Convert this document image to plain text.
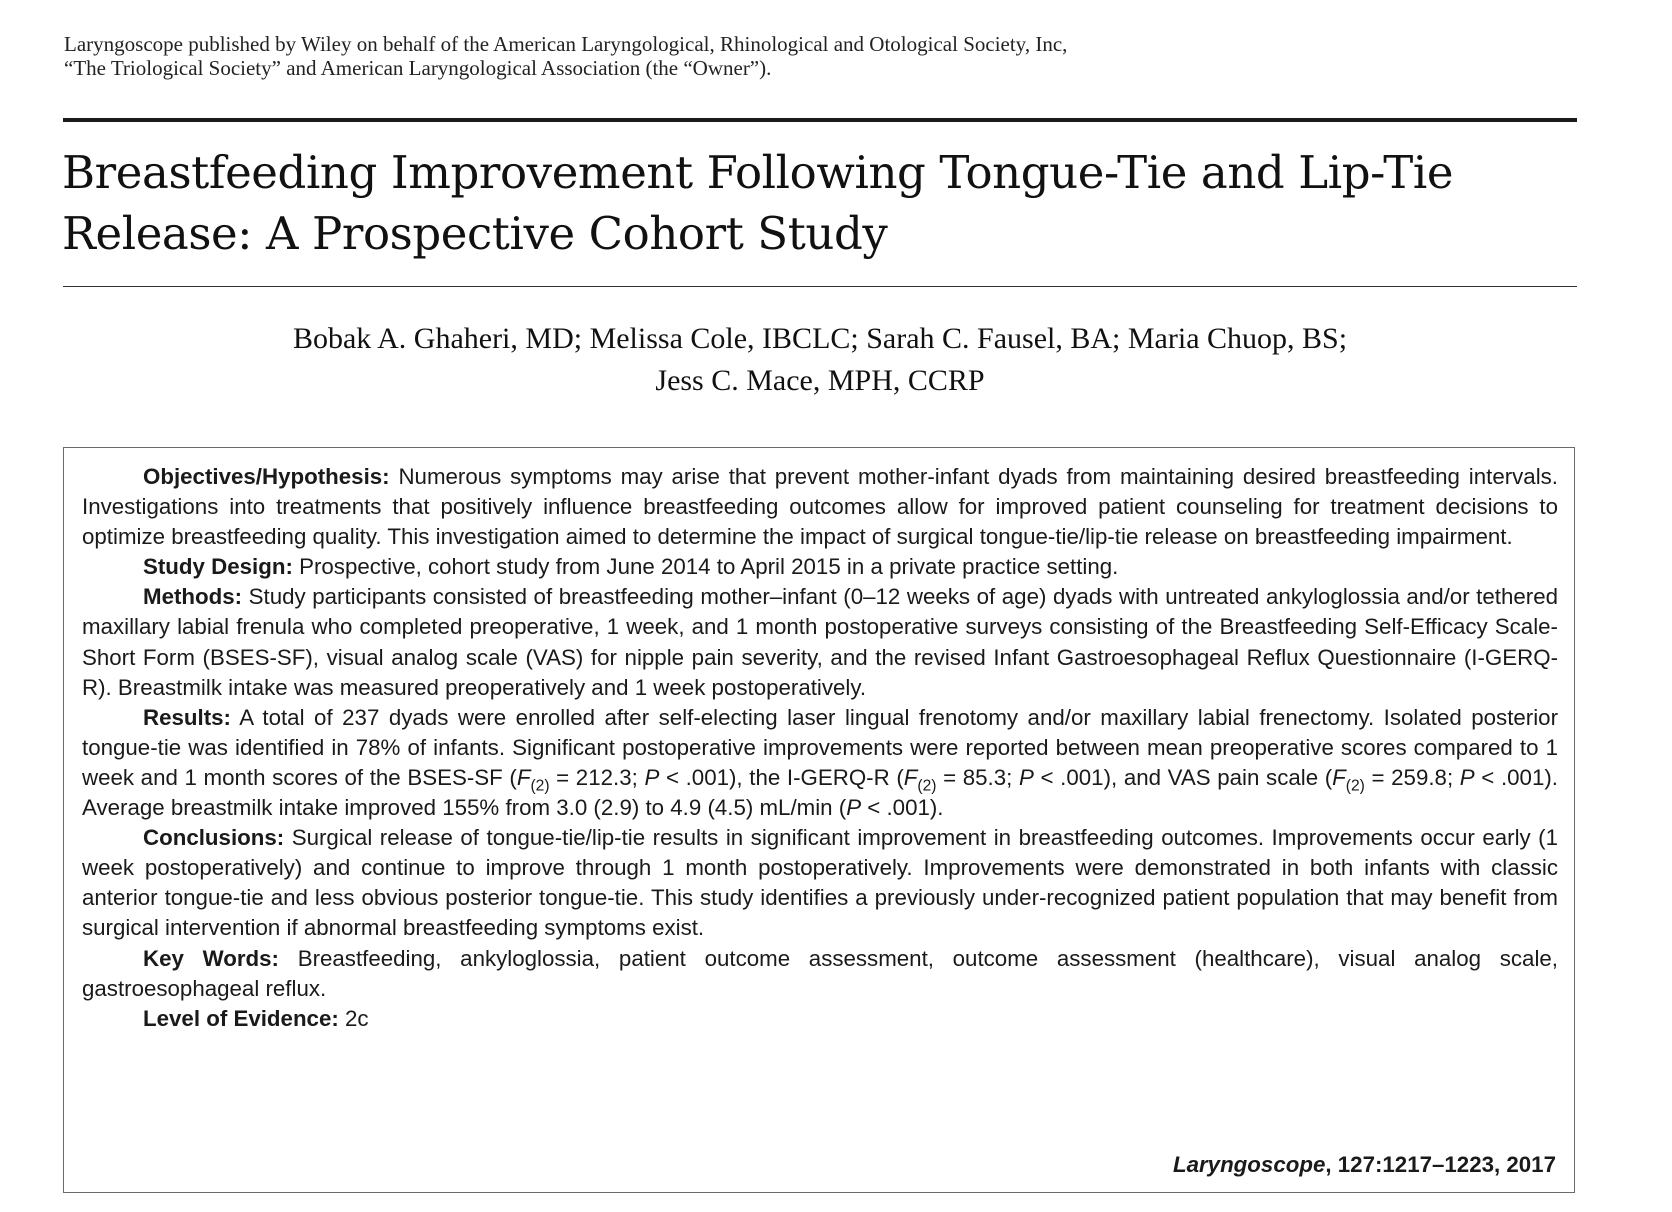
Laryngoscope published by Wiley on behalf of the American Laryngological, Rhinological and Otological Society, Inc,
“The Triological Society” and American Laryngological Association (the “Owner”).
Breastfeeding Improvement Following Tongue-Tie and Lip-Tie
Release: A Prospective Cohort Study
Bobak A. Ghaheri, MD; Melissa Cole, IBCLC; Sarah C. Fausel, BA; Maria Chuop, BS;
Jess C. Mace, MPH, CCRP

Objectives/Hypothesis: Numerous symptoms may arise that prevent mother-infant dyads from maintaining desired breastfeeding intervals. Investigations into treatments that positively influence breastfeeding outcomes allow for improved patient counseling for treatment decisions to optimize breastfeeding quality. This investigation aimed to determine the impact of surgical tongue-tie/lip-tie release on breastfeeding impairment.

Study Design: Prospective, cohort study from June 2014 to April 2015 in a private practice setting.

Methods: Study participants consisted of breastfeeding mother–infant (0–12 weeks of age) dyads with untreated ankyloglossia and/or tethered maxillary labial frenula who completed preoperative, 1 week, and 1 month postoperative surveys consisting of the Breastfeeding Self-Efficacy Scale-Short Form (BSES-SF), visual analog scale (VAS) for nipple pain severity, and the revised Infant Gastroesophageal Reflux Questionnaire (I-GERQ-R). Breastmilk intake was measured preoperatively and 1 week postoperatively.

Results: A total of 237 dyads were enrolled after self-electing laser lingual frenotomy and/or maxillary labial frenectomy. Isolated posterior tongue-tie was identified in 78% of infants. Significant postoperative improvements were reported between mean preoperative scores compared to 1 week and 1 month scores of the BSES-SF ($F_{(2)} = 212.3$; P < .001), the I-GERQ-R ($F_{(2)} = 85.3$; P < .001), and VAS pain scale ($F_{(2)} = 259.8$; P < .001). Average breastmilk intake improved 155% from 3.0 (2.9) to 4.9 (4.5) mL/min (P < .001).

Conclusions: Surgical release of tongue-tie/lip-tie results in significant improvement in breastfeeding outcomes. Improvements occur early (1 week postoperatively) and continue to improve through 1 month postoperatively. Improvements were demonstrated in both infants with classic anterior tongue-tie and less obvious posterior tongue-tie. This study identifies a previously under-recognized patient population that may benefit from surgical intervention if abnormal breastfeeding symptoms exist.

Key Words: Breastfeeding, ankyloglossia, patient outcome assessment, outcome assessment (healthcare), visual analog scale, gastroesophageal reflux.

Level of Evidence: 2c

Laryngoscope, 127:1217–1223, 2017
